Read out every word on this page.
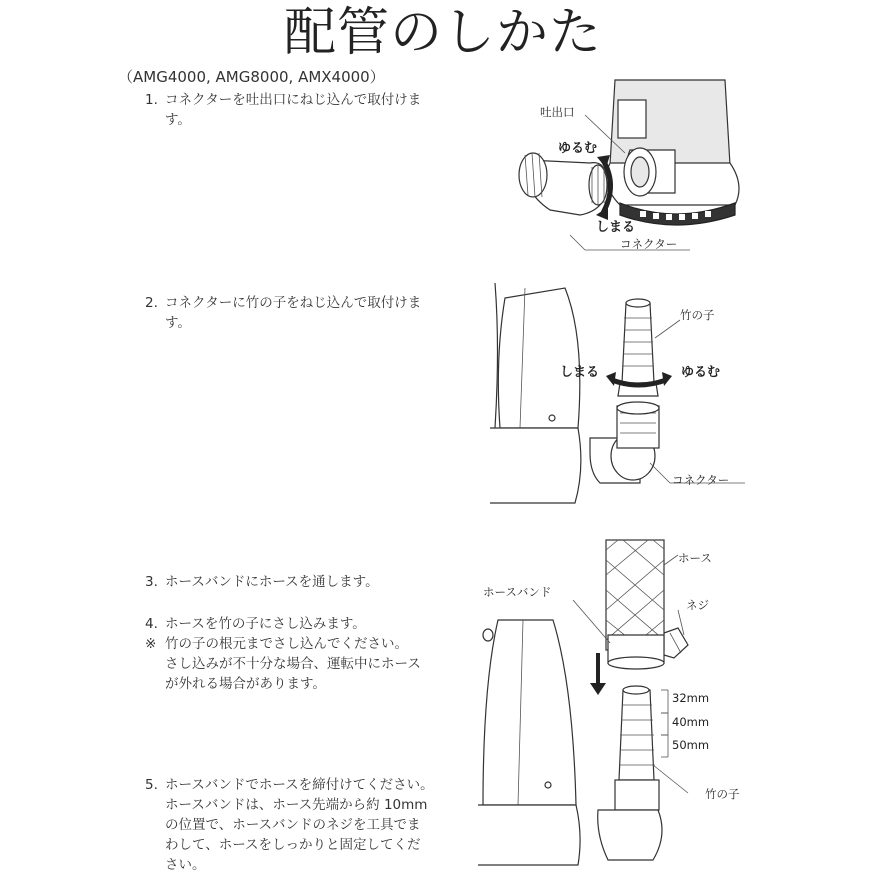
配管のしかた
（AMG4000, AMG8000, AMX4000）
1. コネクターを吐出口にねじ込んで取付けま
す。
2. コネクターに竹の子をねじ込んで取付けま
す。
3. ホースバンドにホースを通します。
4. ホースを竹の子にさし込みます。
※ 竹の子の根元までさし込んでください。
さし込みが不十分な場合、運転中にホース
が外れる場合があります。
5. ホースバンドでホースを締付けてください。
ホースバンドは、ホース先端から約 10mm
の位置で、ホースバンドのネジを工具でま
わして、ホースをしっかりと固定してくだ
さい。
吐出口
ゆるむ
しまる
コネクター
竹の子
しまる	ゆるむ
コネクター
ホース
ホースバンド
ネジ
32mm
40mm
50mm
竹の子
